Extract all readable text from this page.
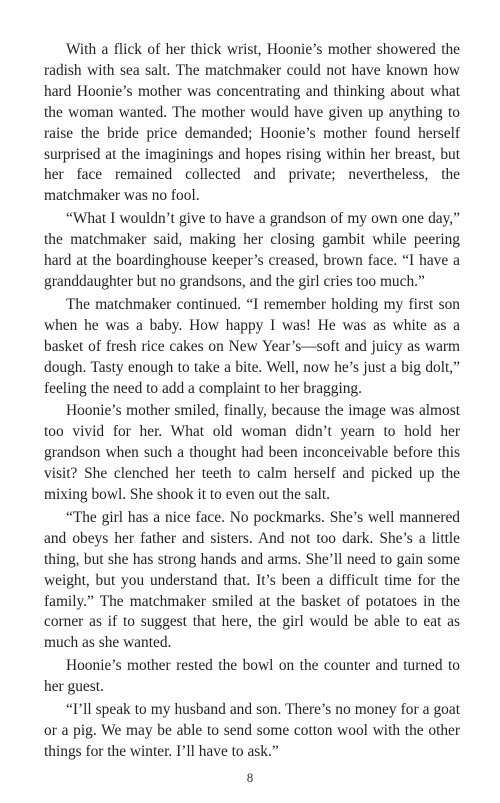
With a flick of her thick wrist, Hoonie’s mother showered the radish with sea salt. The matchmaker could not have known how hard Hoonie’s mother was concentrating and thinking about what the woman wanted. The mother would have given up anything to raise the bride price demanded; Hoonie’s mother found herself surprised at the imaginings and hopes rising within her breast, but her face remained collected and private; nevertheless, the matchmaker was no fool.

“What I wouldn’t give to have a grandson of my own one day,” the matchmaker said, making her closing gambit while peering hard at the boardinghouse keeper’s creased, brown face. “I have a granddaughter but no grandsons, and the girl cries too much.”

The matchmaker continued. “I remember holding my first son when he was a baby. How happy I was! He was as white as a basket of fresh rice cakes on New Year’s—soft and juicy as warm dough. Tasty enough to take a bite. Well, now he’s just a big dolt,” feeling the need to add a complaint to her bragging.

Hoonie’s mother smiled, finally, because the image was almost too vivid for her. What old woman didn’t yearn to hold her grandson when such a thought had been inconceivable before this visit? She clenched her teeth to calm herself and picked up the mixing bowl. She shook it to even out the salt.

“The girl has a nice face. No pockmarks. She’s well mannered and obeys her father and sisters. And not too dark. She’s a little thing, but she has strong hands and arms. She’ll need to gain some weight, but you understand that. It’s been a difficult time for the family.” The matchmaker smiled at the basket of potatoes in the corner as if to suggest that here, the girl would be able to eat as much as she wanted.

Hoonie’s mother rested the bowl on the counter and turned to her guest.

“I’ll speak to my husband and son. There’s no money for a goat or a pig. We may be able to send some cotton wool with the other things for the winter. I’ll have to ask.”

8
